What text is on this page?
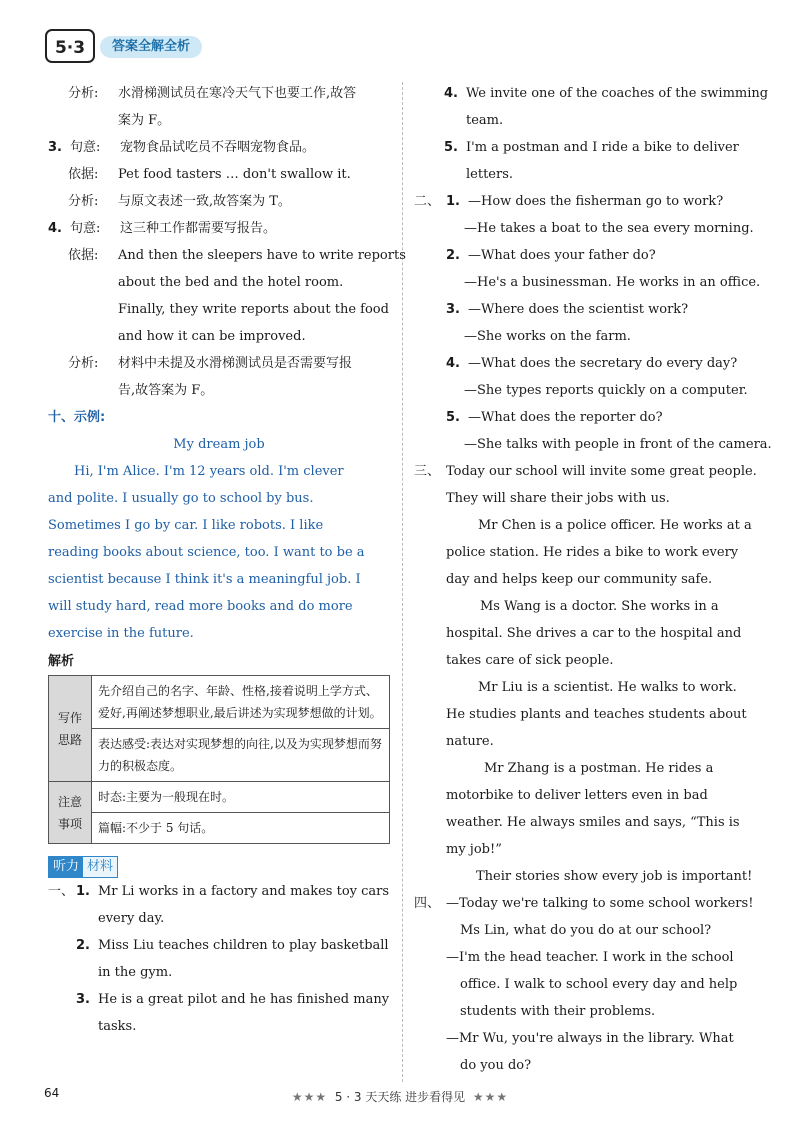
5·3	答案全解全析
分析:	水滑梯测试员在寒冷天气下也要工作,故答
案为 F。
3. 句意:	宠物食品试吃员不吞咽宠物食品。
依据:	Pet food tasters … don't swallow it.
分析:	与原文表述一致,故答案为 T。
4. 句意:	这三种工作都需要写报告。
依据:	And then the sleepers have to write reports
about the bed and the hotel room.
Finally, they write reports about the food
and how it can be improved.
分析:	材料中未提及水滑梯测试员是否需要写报
告,故答案为 F。
十、示例:
My dream job
Hi, I'm Alice. I'm 12 years old. I'm clever
and polite. I usually go to school by bus.
Sometimes I go by car. I like robots. I like
reading books about science, too. I want to be a
scientist because I think it's a meaningful job. I
will study hard, read more books and do more
exercise in the future.
解析
写作思路	先介绍自己的名字、年龄、性格,接着说明上学方式、爱好,再阐述梦想职业,最后讲述为实现梦想做的计划。
	表达感受:表达对实现梦想的向往,以及为实现梦想而努力的积极态度。
注意事项	时态:主要为一般现在时。
	篇幅:不少于 5 句话。
听力 材料
一、 1. Mr Li works in a factory and makes toy cars
every day.
2. Miss Liu teaches children to play basketball
in the gym.
3. He is a great pilot and he has finished many
tasks.
4. We invite one of the coaches of the swimming
team.
5. I'm a postman and I ride a bike to deliver
letters.
二、 1. —How does the fisherman go to work?
—He takes a boat to the sea every morning.
2. —What does your father do?
—He's a businessman. He works in an office.
3. —Where does the scientist work?
—She works on the farm.
4. —What does the secretary do every day?
—She types reports quickly on a computer.
5. —What does the reporter do?
—She talks with people in front of the camera.
三、 Today our school will invite some great people.
They will share their jobs with us.
Mr Chen is a police officer. He works at a
police station. He rides a bike to work every
day and helps keep our community safe.
Ms Wang is a doctor. She works in a
hospital. She drives a car to the hospital and
takes care of sick people.
Mr Liu is a scientist. He walks to work.
He studies plants and teaches students about
nature.
Mr Zhang is a postman. He rides a
motorbike to deliver letters even in bad
weather. He always smiles and says, “This is
my job!”
Their stories show every job is important!
四、 —Today we're talking to some school workers!
Ms Lin, what do you do at our school?
—I'm the head teacher. I work in the school
office. I walk to school every day and help
students with their problems.
—Mr Wu, you're always in the library. What
do you do?
64	★★★ 5 · 3 天天练 进步看得见 ★★★
